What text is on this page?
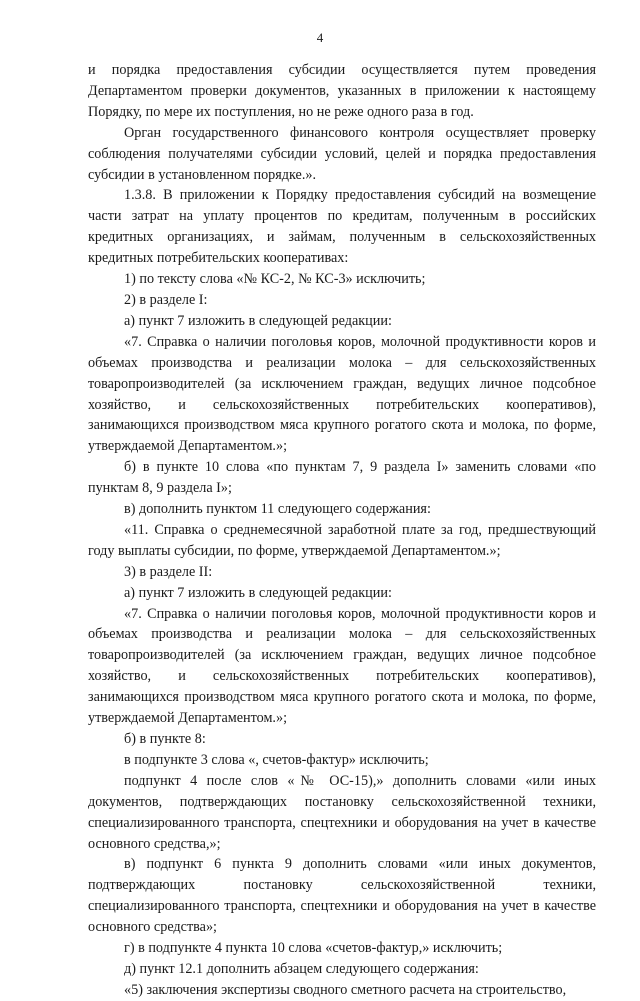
4

и порядка предоставления субсидии осуществляется путем проведения Департаментом проверки документов, указанных в приложении к настоящему Порядку, по мере их поступления, но не реже одного раза в год.

Орган государственного финансового контроля осуществляет проверку соблюдения получателями субсидии условий, целей и порядка предоставления субсидии в установленном порядке.».

1.3.8. В приложении к Порядку предоставления субсидий на возмещение части затрат на уплату процентов по кредитам, полученным в российских кредитных организациях, и займам, полученным в сельскохозяйственных кредитных потребительских кооперативах:

1) по тексту слова «№ КС-2, № КС-3» исключить;

2) в разделе I:

а) пункт 7 изложить в следующей редакции:

«7. Справка о наличии поголовья коров, молочной продуктивности коров и объемах производства и реализации молока – для сельскохозяйственных товаропроизводителей (за исключением граждан, ведущих личное подсобное хозяйство, и сельскохозяйственных потребительских кооперативов), занимающихся производством мяса крупного рогатого скота и молока, по форме, утверждаемой Департаментом.»;

б) в пункте 10 слова «по пунктам 7, 9 раздела I» заменить словами «по пунктам 8, 9 раздела I»;

в) дополнить пунктом 11 следующего содержания:

«11. Справка о среднемесячной заработной плате за год, предшествующий году выплаты субсидии, по форме, утверждаемой Департаментом.»;

3) в разделе II:

а) пункт 7 изложить в следующей редакции:

«7. Справка о наличии поголовья коров, молочной продуктивности коров и объемах производства и реализации молока – для сельскохозяйственных товаропроизводителей (за исключением граждан, ведущих личное подсобное хозяйство, и сельскохозяйственных потребительских кооперативов), занимающихся производством мяса крупного рогатого скота и молока, по форме, утверждаемой Департаментом.»;

б) в пункте 8:

в подпункте 3 слова «, счетов-фактур» исключить;

подпункт 4 после слов «№ ОС-15),» дополнить словами «или иных документов, подтверждающих постановку сельскохозяйственной техники, специализированного транспорта, спецтехники и оборудования на учет в качестве основного средства,»;

в) подпункт 6 пункта 9 дополнить словами «или иных документов, подтверждающих постановку сельскохозяйственной техники, специализированного транспорта, спецтехники и оборудования на учет в качестве основного средства»;

г) в подпункте 4 пункта 10 слова «счетов-фактур,» исключить;

д) пункт 12.1 дополнить абзацем следующего содержания:

«5) заключения экспертизы сводного сметного расчета на строительство,
